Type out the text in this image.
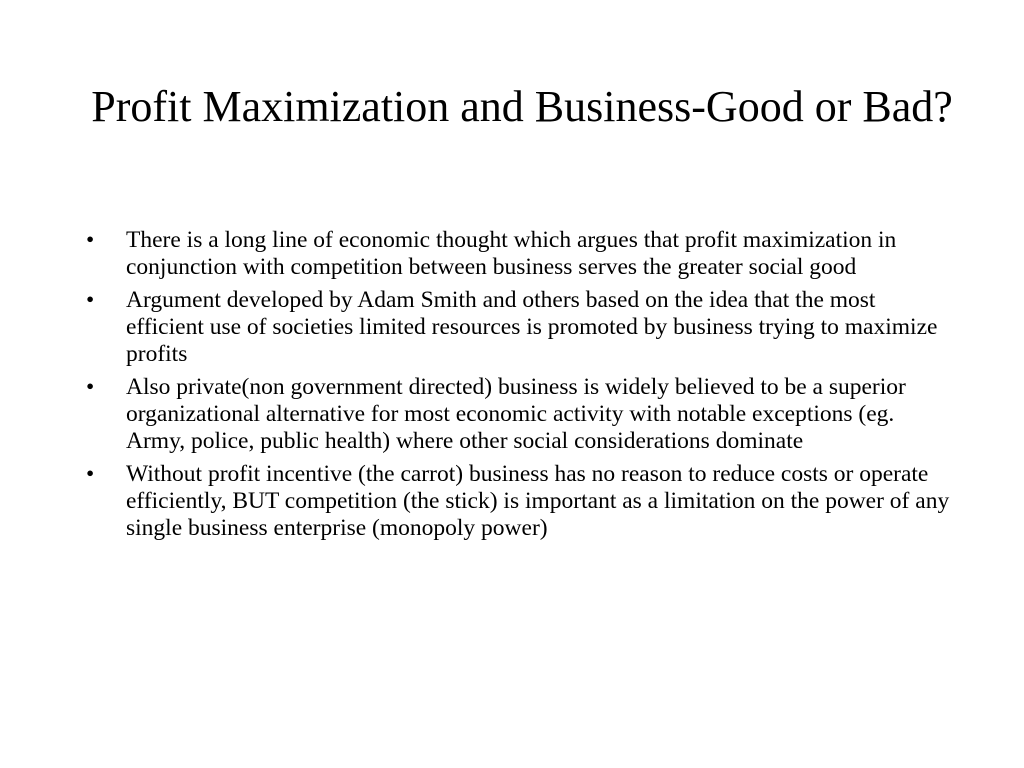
Profit Maximization and Business-Good or Bad?
• There is a long line of economic thought which argues that profit maximization in conjunction with competition between business serves the greater social good
• Argument developed by Adam Smith and others based on the idea that the most efficient use of societies limited resources is promoted by business trying to maximize profits
• Also private(non government directed) business is widely believed to be a superior organizational alternative for most economic activity with notable exceptions (eg. Army, police, public health) where other social considerations dominate
• Without profit incentive (the carrot) business has no reason to reduce costs or operate efficiently, BUT competition (the stick) is important as a limitation on the power of any single business enterprise (monopoly power)
